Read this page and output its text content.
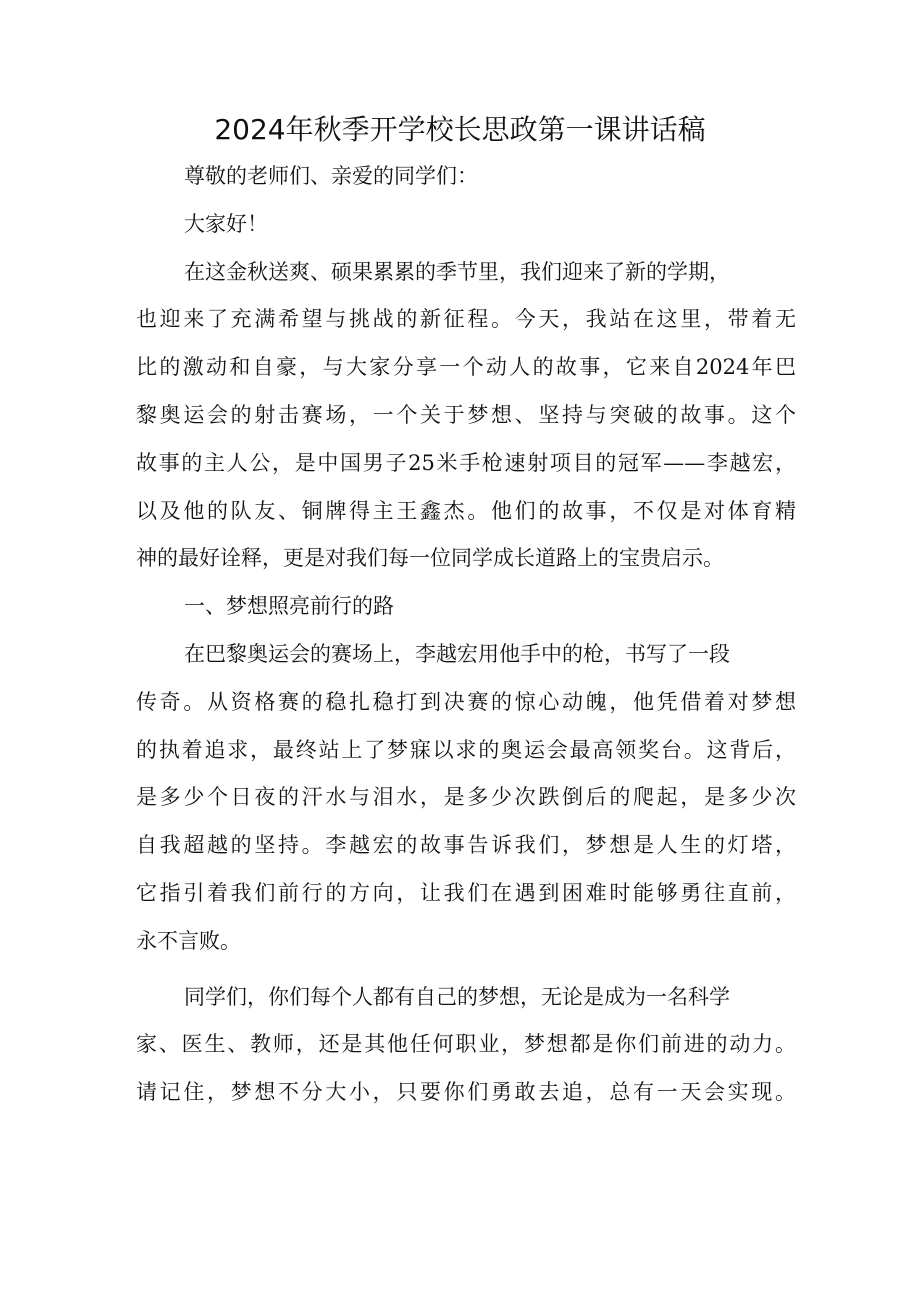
2024年秋季开学校长思政第一课讲话稿
尊敬的老师们、亲爱的同学们：
大家好！
在这金秋送爽、硕果累累的季节里，我们迎来了新的学期，
也迎来了充满希望与挑战的新征程。今天，我站在这里，带着无
比的激动和自豪，与大家分享一个动人的故事，它来自2024年巴
黎奥运会的射击赛场，一个关于梦想、坚持与突破的故事。这个
故事的主人公，是中国男子25米手枪速射项目的冠军——李越宏，
以及他的队友、铜牌得主王鑫杰。他们的故事，不仅是对体育精
神的最好诠释，更是对我们每一位同学成长道路上的宝贵启示。
一、梦想照亮前行的路
在巴黎奥运会的赛场上，李越宏用他手中的枪，书写了一段
传奇。从资格赛的稳扎稳打到决赛的惊心动魄，他凭借着对梦想
的执着追求，最终站上了梦寐以求的奥运会最高领奖台。这背后，
是多少个日夜的汗水与泪水，是多少次跌倒后的爬起，是多少次
自我超越的坚持。李越宏的故事告诉我们，梦想是人生的灯塔，
它指引着我们前行的方向，让我们在遇到困难时能够勇往直前，
永不言败。
同学们，你们每个人都有自己的梦想，无论是成为一名科学
家、医生、教师，还是其他任何职业，梦想都是你们前进的动力。
请记住，梦想不分大小，只要你们勇敢去追，总有一天会实现。
